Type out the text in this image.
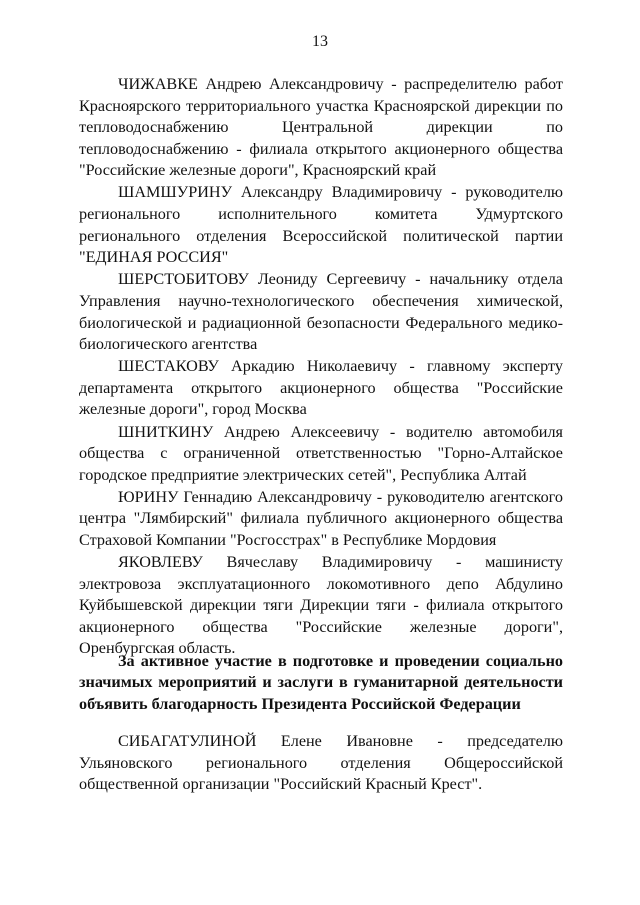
13

ЧИЖАВКЕ Андрею Александровичу - распределителю работ Красноярского территориального участка Красноярской дирекции по тепловодоснабжению Центральной дирекции по тепловодоснабжению - филиала открытого акционерного общества "Российские железные дороги", Красноярский край

ШАМШУРИНУ Александру Владимировичу - руководителю регионального исполнительного комитета Удмуртского регионального отделения Всероссийской политической партии "ЕДИНАЯ РОССИЯ"

ШЕРСТОБИТОВУ Леониду Сергеевичу - начальнику отдела Управления научно-технологического обеспечения химической, биологической и радиационной безопасности Федерального медико-биологического агентства

ШЕСТАКОВУ Аркадию Николаевичу - главному эксперту департамента открытого акционерного общества "Российские железные дороги", город Москва

ШНИТКИНУ Андрею Алексеевичу - водителю автомобиля общества с ограниченной ответственностью "Горно-Алтайское городское предприятие электрических сетей", Республика Алтай

ЮРИНУ Геннадию Александровичу - руководителю агентского центра "Лямбирский" филиала публичного акционерного общества Страховой Компании "Росгосстрах" в Республике Мордовия

ЯКОВЛЕВУ Вячеславу Владимировичу - машинисту электровоза эксплуатационного локомотивного депо Абдулино Куйбышевской дирекции тяги Дирекции тяги - филиала открытого акционерного общества "Российские железные дороги", Оренбургская область.

За активное участие в подготовке и проведении социально значимых мероприятий и заслуги в гуманитарной деятельности объявить благодарность Президента Российской Федерации

СИБАГАТУЛИНОЙ Елене Ивановне - председателю
Ульяновского регионального отделения Общероссийской
общественной организации "Российский Красный Крест".
